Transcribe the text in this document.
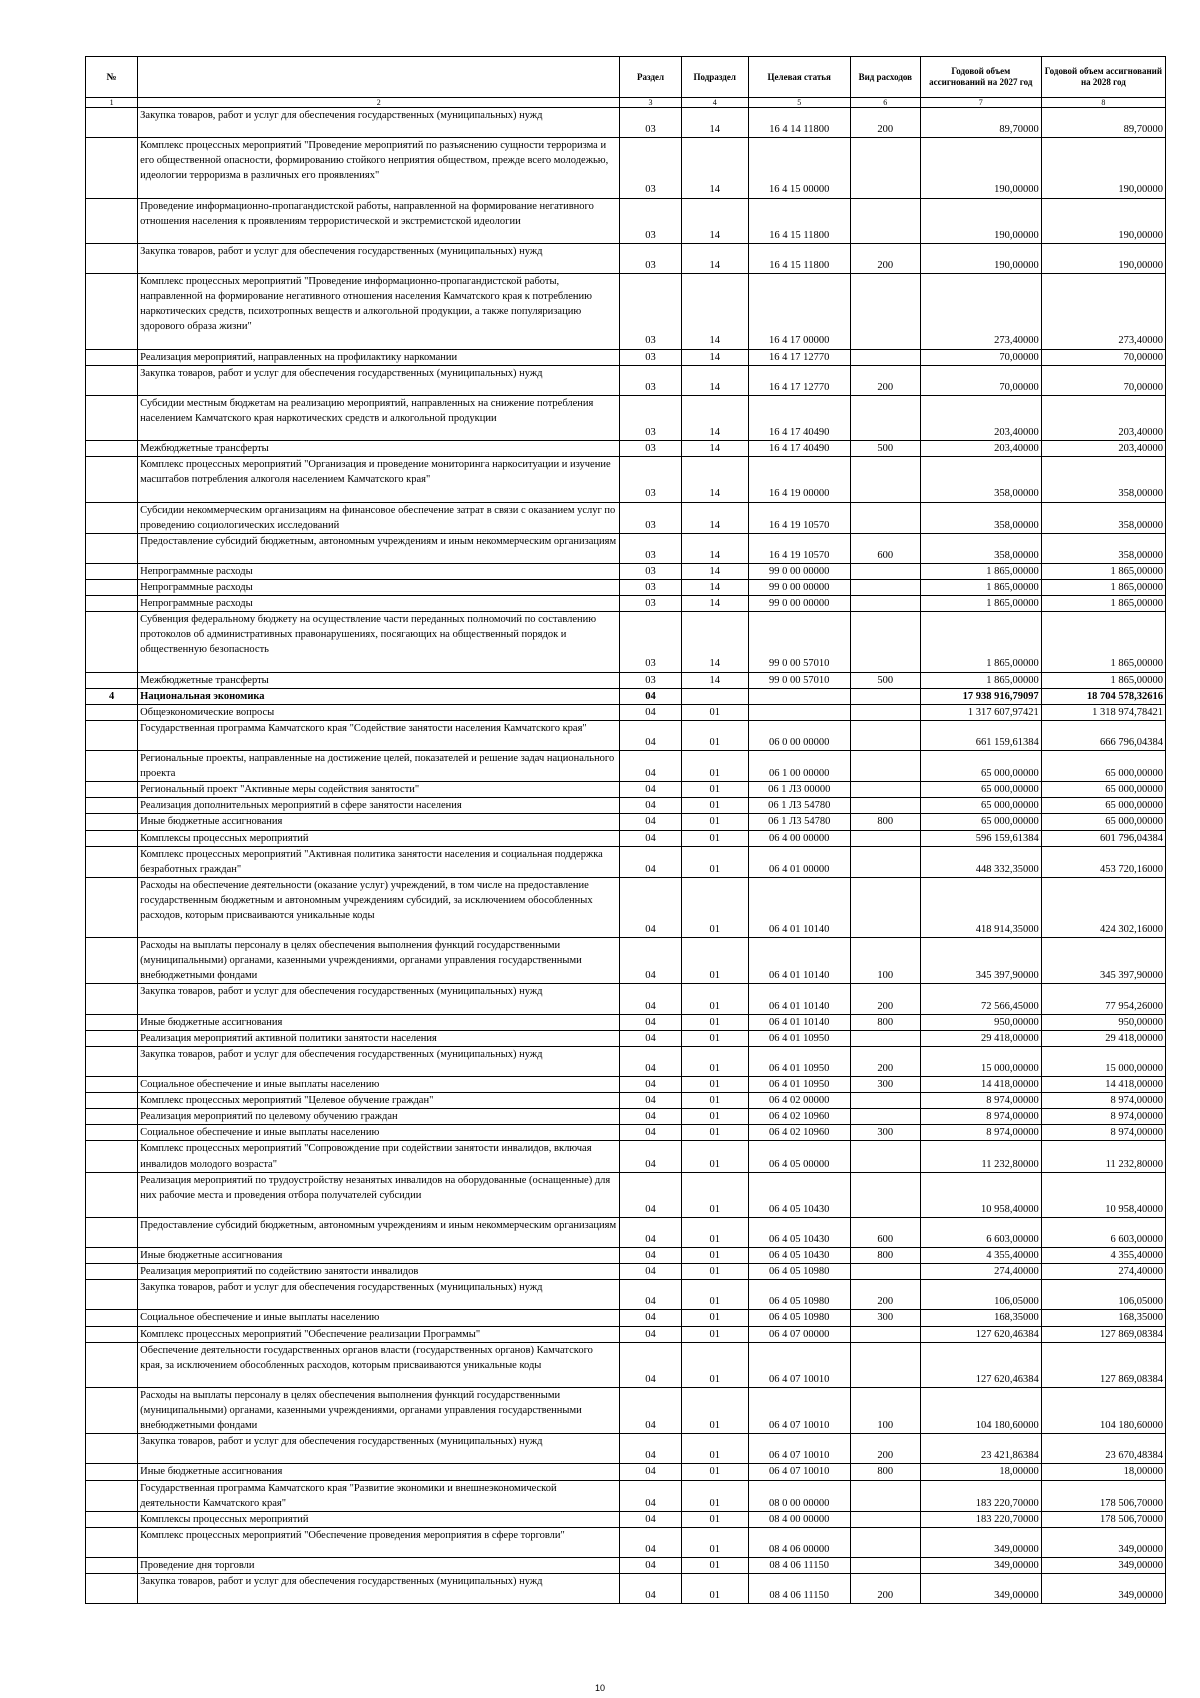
№		Раздел	Подраздел	Целевая статья	Вид расходов	Годовой объем ассигнований на 2027 год	Годовой объем ассигнований на 2028 год
1	2	3	4	5	6	7	8
	Закупка товаров, работ и услуг для обеспечения государственных (муниципальных) нужд	03	14	16 4 14 11800	200	89,70000	89,70000
	Комплекс процессных мероприятий "Проведение мероприятий по разъяснению сущности терроризма и его общественной опасности, формированию стойкого неприятия обществом, прежде всего молодежью, идеологии терроризма в различных его проявлениях"	03	14	16 4 15 00000		190,00000	190,00000
	Проведение информационно-пропагандистской работы, направленной на формирование негативного отношения населения к проявлениям террористической и экстремистской идеологии	03	14	16 4 15 11800		190,00000	190,00000
	Закупка товаров, работ и услуг для обеспечения государственных (муниципальных) нужд	03	14	16 4 15 11800	200	190,00000	190,00000
	Комплекс процессных мероприятий "Проведение информационно-пропагандистской работы, направленной на формирование негативного отношения населения Камчатского края к потреблению наркотических средств, психотропных веществ и алкогольной продукции, а также популяризацию здорового образа жизни"	03	14	16 4 17 00000		273,40000	273,40000
	Реализация мероприятий, направленных на профилактику наркомании	03	14	16 4 17 12770		70,00000	70,00000
	Закупка товаров, работ и услуг для обеспечения государственных (муниципальных) нужд	03	14	16 4 17 12770	200	70,00000	70,00000
	Субсидии местным бюджетам на реализацию мероприятий, направленных на снижение потребления населением Камчатского края наркотических средств и алкогольной продукции	03	14	16 4 17 40490		203,40000	203,40000
	Межбюджетные трансферты	03	14	16 4 17 40490	500	203,40000	203,40000
	Комплекс процессных мероприятий "Организация и проведение мониторинга наркоситуации и изучение масштабов потребления алкоголя населением Камчатского края"	03	14	16 4 19 00000		358,00000	358,00000
	Субсидии некоммерческим организациям на финансовое обеспечение затрат в связи с оказанием услуг по проведению социологических исследований	03	14	16 4 19 10570		358,00000	358,00000
	Предоставление субсидий бюджетным, автономным учреждениям и иным некоммерческим организациям	03	14	16 4 19 10570	600	358,00000	358,00000
	Непрограммные расходы	03	14	99 0 00 00000		1 865,00000	1 865,00000
	Непрограммные расходы	03	14	99 0 00 00000		1 865,00000	1 865,00000
	Непрограммные расходы	03	14	99 0 00 00000		1 865,00000	1 865,00000
	Субвенция федеральному бюджету на осуществление части переданных полномочий по составлению протоколов об административных правонарушениях, посягающих на общественный порядок и общественную безопасность	03	14	99 0 00 57010		1 865,00000	1 865,00000
	Межбюджетные трансферты	03	14	99 0 00 57010	500	1 865,00000	1 865,00000
4	Национальная экономика	04				17 938 916,79097	18 704 578,32616
	Общеэкономические вопросы	04	01			1 317 607,97421	1 318 974,78421
	Государственная программа Камчатского края "Содействие занятости населения Камчатского края"	04	01	06 0 00 00000		661 159,61384	666 796,04384
	Региональные проекты, направленные на достижение целей, показателей и решение задач национального проекта	04	01	06 1 00 00000		65 000,00000	65 000,00000
	Региональный проект "Активные меры содействия занятости"	04	01	06 1 Л3 00000		65 000,00000	65 000,00000
	Реализация дополнительных мероприятий в сфере занятости населения	04	01	06 1 Л3 54780		65 000,00000	65 000,00000
	Иные бюджетные ассигнования	04	01	06 1 Л3 54780	800	65 000,00000	65 000,00000
	Комплексы процессных мероприятий	04	01	06 4 00 00000		596 159,61384	601 796,04384
	Комплекс процессных мероприятий "Активная политика занятости населения и социальная поддержка безработных граждан"	04	01	06 4 01 00000		448 332,35000	453 720,16000
	Расходы на обеспечение деятельности (оказание услуг) учреждений, в том числе на предоставление государственным бюджетным и автономным учреждениям субсидий, за исключением обособленных расходов, которым присваиваются уникальные коды	04	01	06 4 01 10140		418 914,35000	424 302,16000
	Расходы на выплаты персоналу в целях обеспечения выполнения функций государственными (муниципальными) органами, казенными учреждениями, органами управления государственными внебюджетными фондами	04	01	06 4 01 10140	100	345 397,90000	345 397,90000
	Закупка товаров, работ и услуг для обеспечения государственных (муниципальных) нужд	04	01	06 4 01 10140	200	72 566,45000	77 954,26000
	Иные бюджетные ассигнования	04	01	06 4 01 10140	800	950,00000	950,00000
	Реализация мероприятий активной политики занятости населения	04	01	06 4 01 10950		29 418,00000	29 418,00000
	Закупка товаров, работ и услуг для обеспечения государственных (муниципальных) нужд	04	01	06 4 01 10950	200	15 000,00000	15 000,00000
	Социальное обеспечение и иные выплаты населению	04	01	06 4 01 10950	300	14 418,00000	14 418,00000
	Комплекс процессных мероприятий "Целевое обучение граждан"	04	01	06 4 02 00000		8 974,00000	8 974,00000
	Реализация мероприятий по целевому обучению граждан	04	01	06 4 02 10960		8 974,00000	8 974,00000
	Социальное обеспечение и иные выплаты населению	04	01	06 4 02 10960	300	8 974,00000	8 974,00000
	Комплекс процессных мероприятий "Сопровождение при содействии занятости инвалидов, включая инвалидов молодого возраста"	04	01	06 4 05 00000		11 232,80000	11 232,80000
	Реализация мероприятий по трудоустройству незанятых инвалидов на оборудованные (оснащенные) для них рабочие места и проведения отбора получателей субсидии	04	01	06 4 05 10430		10 958,40000	10 958,40000
	Предоставление субсидий бюджетным, автономным учреждениям и иным некоммерческим организациям	04	01	06 4 05 10430	600	6 603,00000	6 603,00000
	Иные бюджетные ассигнования	04	01	06 4 05 10430	800	4 355,40000	4 355,40000
	Реализация мероприятий по содействию занятости инвалидов	04	01	06 4 05 10980		274,40000	274,40000
	Закупка товаров, работ и услуг для обеспечения государственных (муниципальных) нужд	04	01	06 4 05 10980	200	106,05000	106,05000
	Социальное обеспечение и иные выплаты населению	04	01	06 4 05 10980	300	168,35000	168,35000
	Комплекс процессных мероприятий "Обеспечение реализации Программы"	04	01	06 4 07 00000		127 620,46384	127 869,08384
	Обеспечение деятельности государственных органов власти (государственных органов) Камчатского края, за исключением обособленных расходов, которым присваиваются уникальные коды	04	01	06 4 07 10010		127 620,46384	127 869,08384
	Расходы на выплаты персоналу в целях обеспечения выполнения функций государственными (муниципальными) органами, казенными учреждениями, органами управления государственными внебюджетными фондами	04	01	06 4 07 10010	100	104 180,60000	104 180,60000
	Закупка товаров, работ и услуг для обеспечения государственных (муниципальных) нужд	04	01	06 4 07 10010	200	23 421,86384	23 670,48384
	Иные бюджетные ассигнования	04	01	06 4 07 10010	800	18,00000	18,00000
	Государственная программа Камчатского края "Развитие экономики и внешнеэкономической деятельности Камчатского края"	04	01	08 0 00 00000		183 220,70000	178 506,70000
	Комплексы процессных мероприятий	04	01	08 4 00 00000		183 220,70000	178 506,70000
	Комплекс процессных мероприятий "Обеспечение проведения мероприятия в сфере торговли"	04	01	08 4 06 00000		349,00000	349,00000
	Проведение дня торговли	04	01	08 4 06 11150		349,00000	349,00000
	Закупка товаров, работ и услуг для обеспечения государственных (муниципальных) нужд	04	01	08 4 06 11150	200	349,00000	349,00000
10
